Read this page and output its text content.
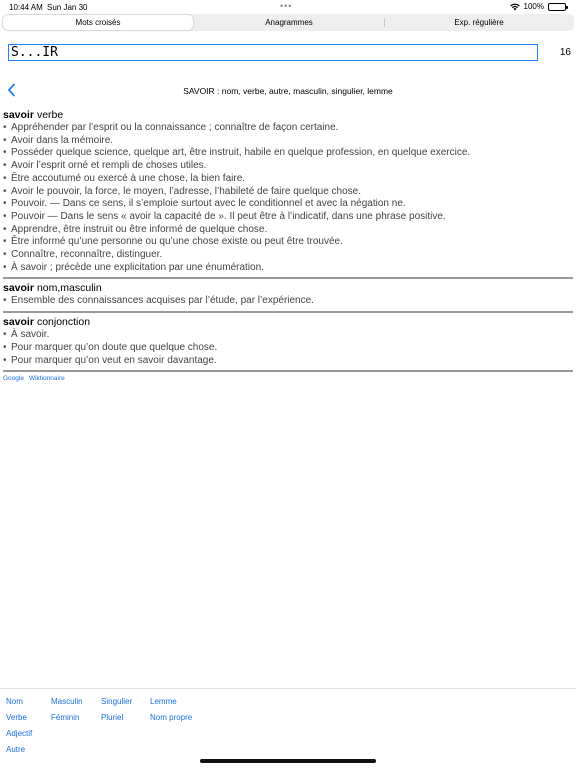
10:44 AM Sun Jan 30	•••	100%
Mots croisés	Anagrammes	Exp. régulière
S...IR
16
SAVOIR : nom, verbe, autre, masculin, singulier, lemme
savoir verbe
• Appréhender par l’esprit ou la connaissance ; connaître de façon certaine.
• Avoir dans la mémoire.
• Posséder quelque science, quelque art, être instruit, habile en quelque profession, en quelque exercice.
• Avoir l’esprit orné et rempli de choses utiles.
• Être accoutumé ou exercé à une chose, la bien faire.
• Avoir le pouvoir, la force, le moyen, l’adresse, l’habileté de faire quelque chose.
• Pouvoir. — Dans ce sens, il s’emploie surtout avec le conditionnel et avec la négation ne.
• Pouvoir — Dans le sens « avoir la capacité de ». Il peut être à l’indicatif, dans une phrase positive.
• Apprendre, être instruit ou être informé de quelque chose.
• Être informé qu’une personne ou qu’une chose existe ou peut être trouvée.
• Connaître, reconnaître, distinguer.
• À savoir ; précède une explicitation par une énumération.
savoir nom,masculin
• Ensemble des connaissances acquises par l’étude, par l’expérience.
savoir conjonction
• À savoir.
• Pour marquer qu’on doute que quelque chose.
• Pour marquer qu’on veut en savoir davantage.
Google Wiktionnaire
Nom
Verbe
Adjectif
Autre
Masculin
Féminin
Singulier
Pluriel
Lemme
Nom propre
